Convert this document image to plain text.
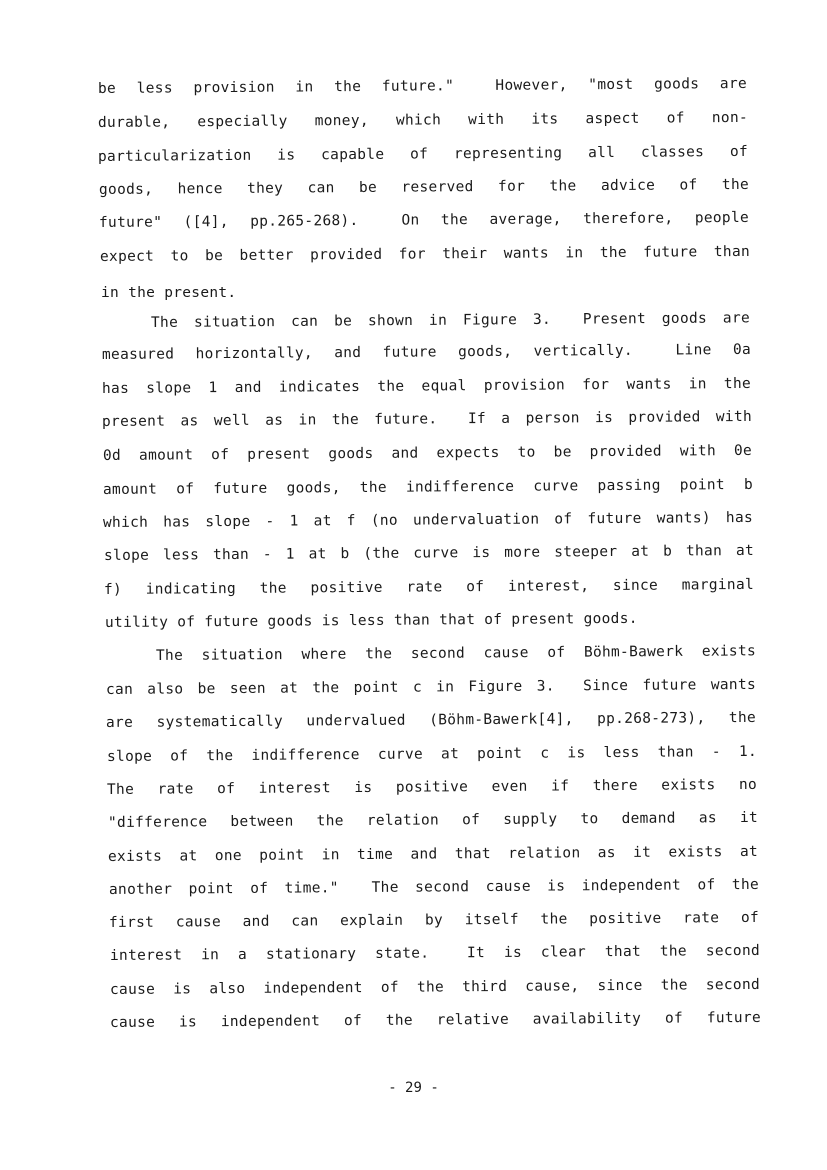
be less provision in the future."  However, "most goods are
durable, especially money, which with its aspect of non-
particularization is capable of representing all classes of
goods, hence they can be reserved for the advice of the
future" ([4], pp.265-268).  On the average, therefore, people
expect to be better provided for their wants in the future than
in the present.
The situation can be shown in Figure 3.  Present goods are
measured horizontally, and future goods, vertically.  Line 0a
has slope 1 and indicates the equal provision for wants in the
present as well as in the future.  If a person is provided with
0d amount of present goods and expects to be provided with 0e
amount of future goods, the indifference curve passing point b
which has slope - 1 at f (no undervaluation of future wants) has
slope less than - 1 at b (the curve is more steeper at b than at
f) indicating the positive rate of interest, since marginal
utility of future goods is less than that of present goods.
The situation where the second cause of Böhm-Bawerk exists
can also be seen at the point c in Figure 3.  Since future wants
are systematically undervalued (Böhm-Bawerk[4], pp.268-273), the
slope of the indifference curve at point c is less than - 1.
The rate of interest is positive even if there exists no
"difference between the relation of supply to demand as it
exists at one point in time and that relation as it exists at
another point of time."  The second cause is independent of the
first cause and can explain by itself the positive rate of
interest in a stationary state.  It is clear that the second
cause is also independent of the third cause, since the second
cause is independent of the relative availability of future
- 29 -
